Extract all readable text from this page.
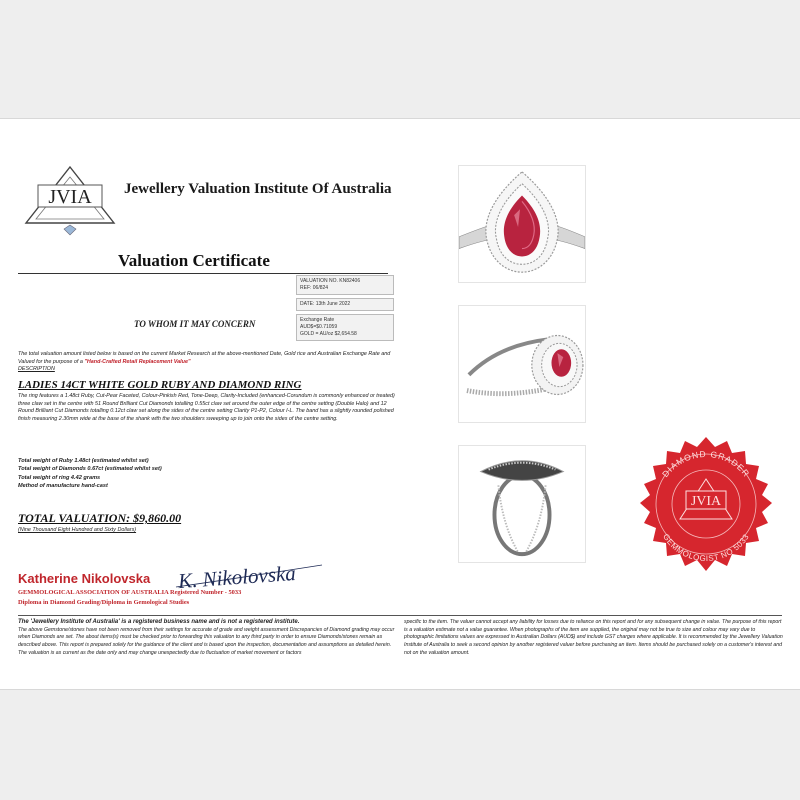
JVIA Jewellery Valuation Institute Of Australia
Valuation Certificate
VALUATION NO. KN82406
REF: 06/824
DATE: 13th June 2022
Exchange Rate
AUD$=$0.71059
GOLD = AU/oz $2,654.58
TO WHOM IT MAY CONCERN
The total valuation amount listed below is based on the current Market Research at the above-mentioned Date, Gold rice and Australian Exchange Rate and Valued for the purpose of a "Hand-Crafted Retail Replacement Value"
DESCRIPTION
LADIES 14CT WHITE GOLD RUBY AND DIAMOND RING
The ring features a 1.48ct Ruby, Cut-Pear Faceted, Colour-Pinkish Red, Tone-Deep, Clarity-Included (enhanced-Corundum is commonly enhanced or treated) three claw set in the centre with 51 Round Brilliant Cut Diamonds totalling 0.55ct claw set around the outer edge of the centre setting (Double Halo) and 12 Round Brilliant Cut Diamonds totalling 0.12ct claw set along the sides of the centre setting Clarity P1-P2, Colour I-L. The band has a slightly rounded polished finish measuring 2.30mm wide at the base of the shank with the two shoulders sweeping up to join onto the sides of the centre setting.
Total weight of Ruby 1.48ct (estimated whilst set)
Total weight of Diamonds 0.67ct (estimated whilst set)
Total weight of ring 4.42 grams
Method of manufacture hand-cast
TOTAL VALUATION: $9,860.00
(Nine Thousand Eight Hundred and Sixty Dollars)
Katherine Nikolovska K. Nikolovska
GEMMOLOGICAL ASSOCIATION OF AUSTRALIA Registered Number - 5033
Diploma in Diamond Grading/Diploma in Gemological Studies
The 'Jewellery Institute of Australia' is a registered business name and is not a registered institute.
The above Gemstone/stones have not been removed from their settings for accurate of grade and weight assessment Discrepancies of Diamond grading may occur when Diamonds are set. The about items(s) must be checked prior to forwarding this valuation to any third party in order to ensure Diamonds/stones remain as described above. This report is prepared solely for the guidance of the client and is based upon the inspection, documentation and assumptions as detailed herein. The valuation is as current as the date only and may change unexpectedly due to fluctuation of market movement or factors
specific to the item. The valuer cannot accept any liability for losses due to reliance on this report and for any subsequent change in value. The purpose of this report is a valuation estimate not a value guarantee. When photographs of the item are supplied, the original may not be true to size and colour may vary due to photographic limitations values are expressed in Australian Dollars (AUD$) and include GST charges where applicable. It is recommended by the Jewellery Valuation Institute of Australia to seek a second opinion by another registered valuer before purchasing an item. Items should be purchased solely on a customer's interest and not on the valuation amount.
DIAMOND GRADER
GEMMOLOGIST NO 5033
JVIA
